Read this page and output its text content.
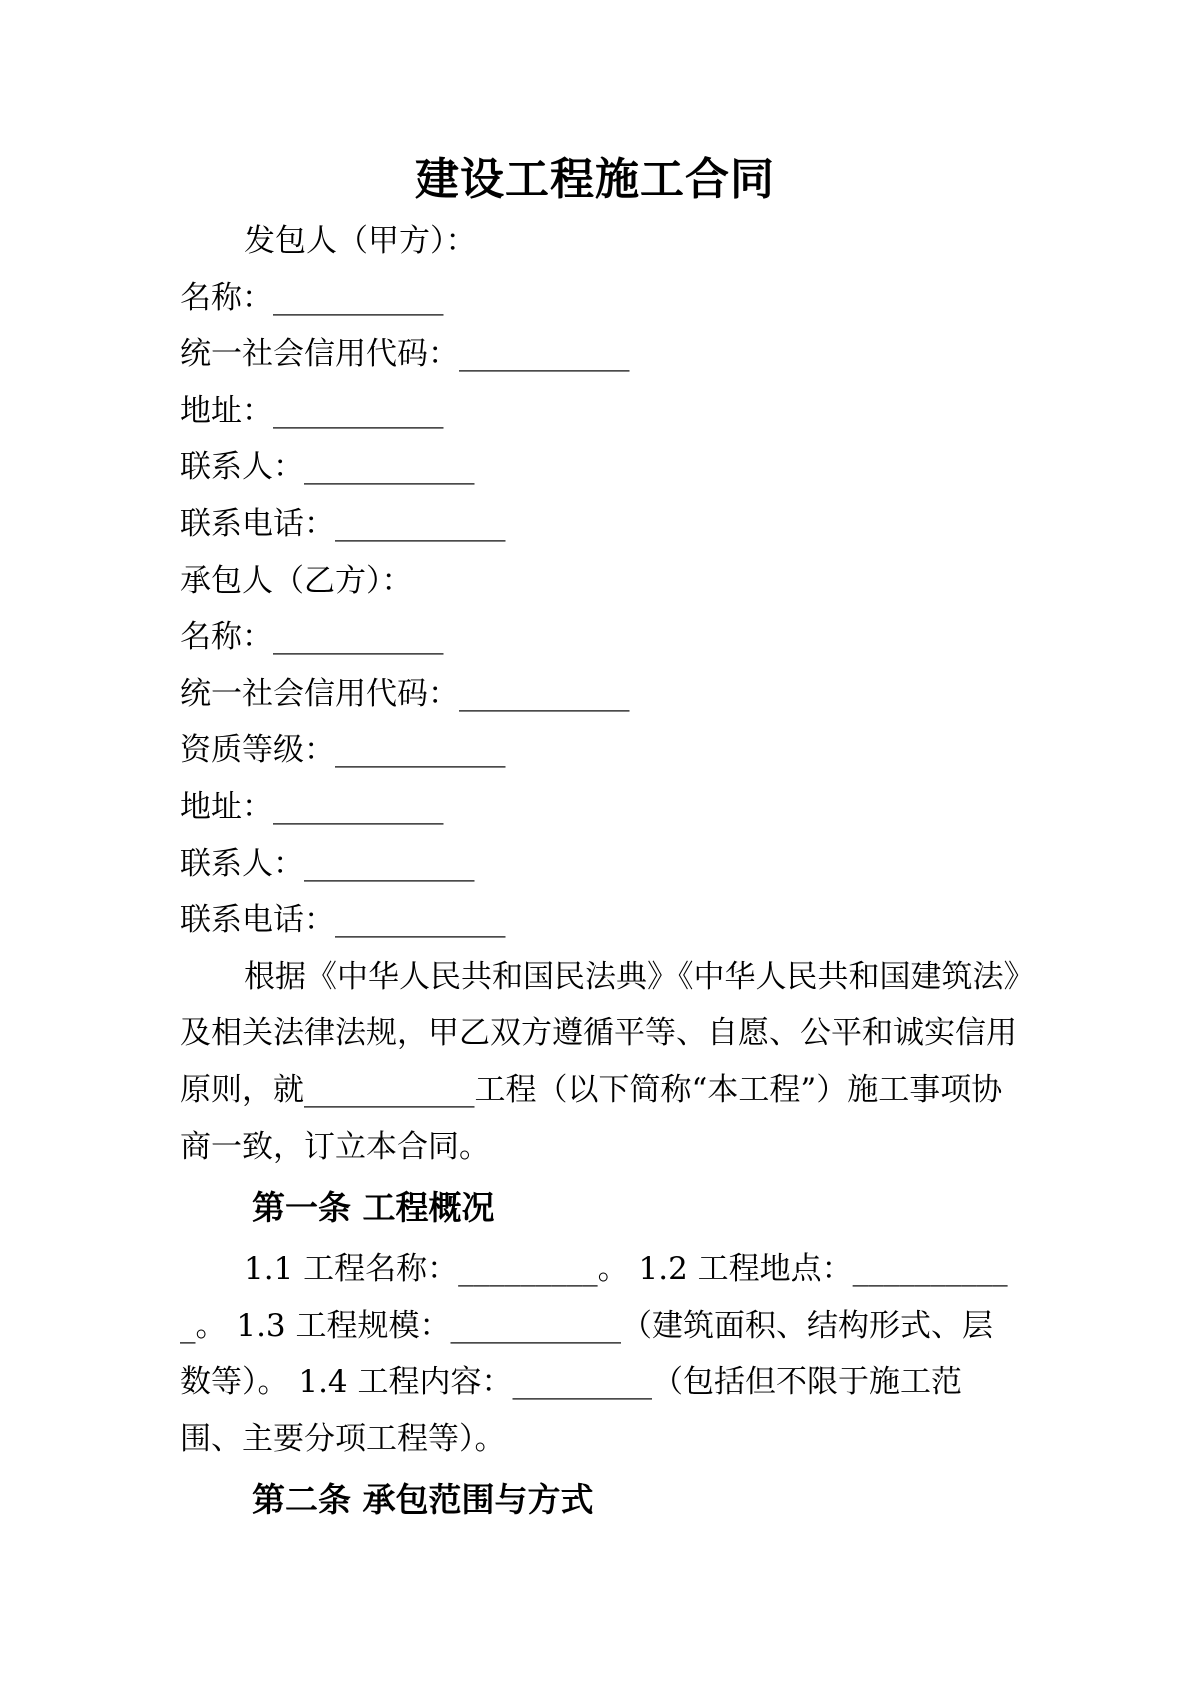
建设工程施工合同

发包人（甲方）：

名称：___________

统一社会信用代码：___________

地址：___________

联系人：___________

联系电话：___________

承包人（乙方）：

名称：___________

统一社会信用代码：___________

资质等级：___________

地址：___________

联系人：___________

联系电话：___________

根据《中华人民共和国民法典》《中华人民共和国建筑法》及相关法律法规，甲乙双方遵循平等、自愿、公平和诚实信用原则，就___________工程（以下简称“本工程”）施工事项协商一致，订立本合同。

第一条 工程概况

1.1 工程名称：_________。 1.2 工程地点：___________。 1.3 工程规模：___________（建筑面积、结构形式、层数等）。 1.4 工程内容：_________（包括但不限于施工范围、主要分项工程等）。

第二条 承包范围与方式
